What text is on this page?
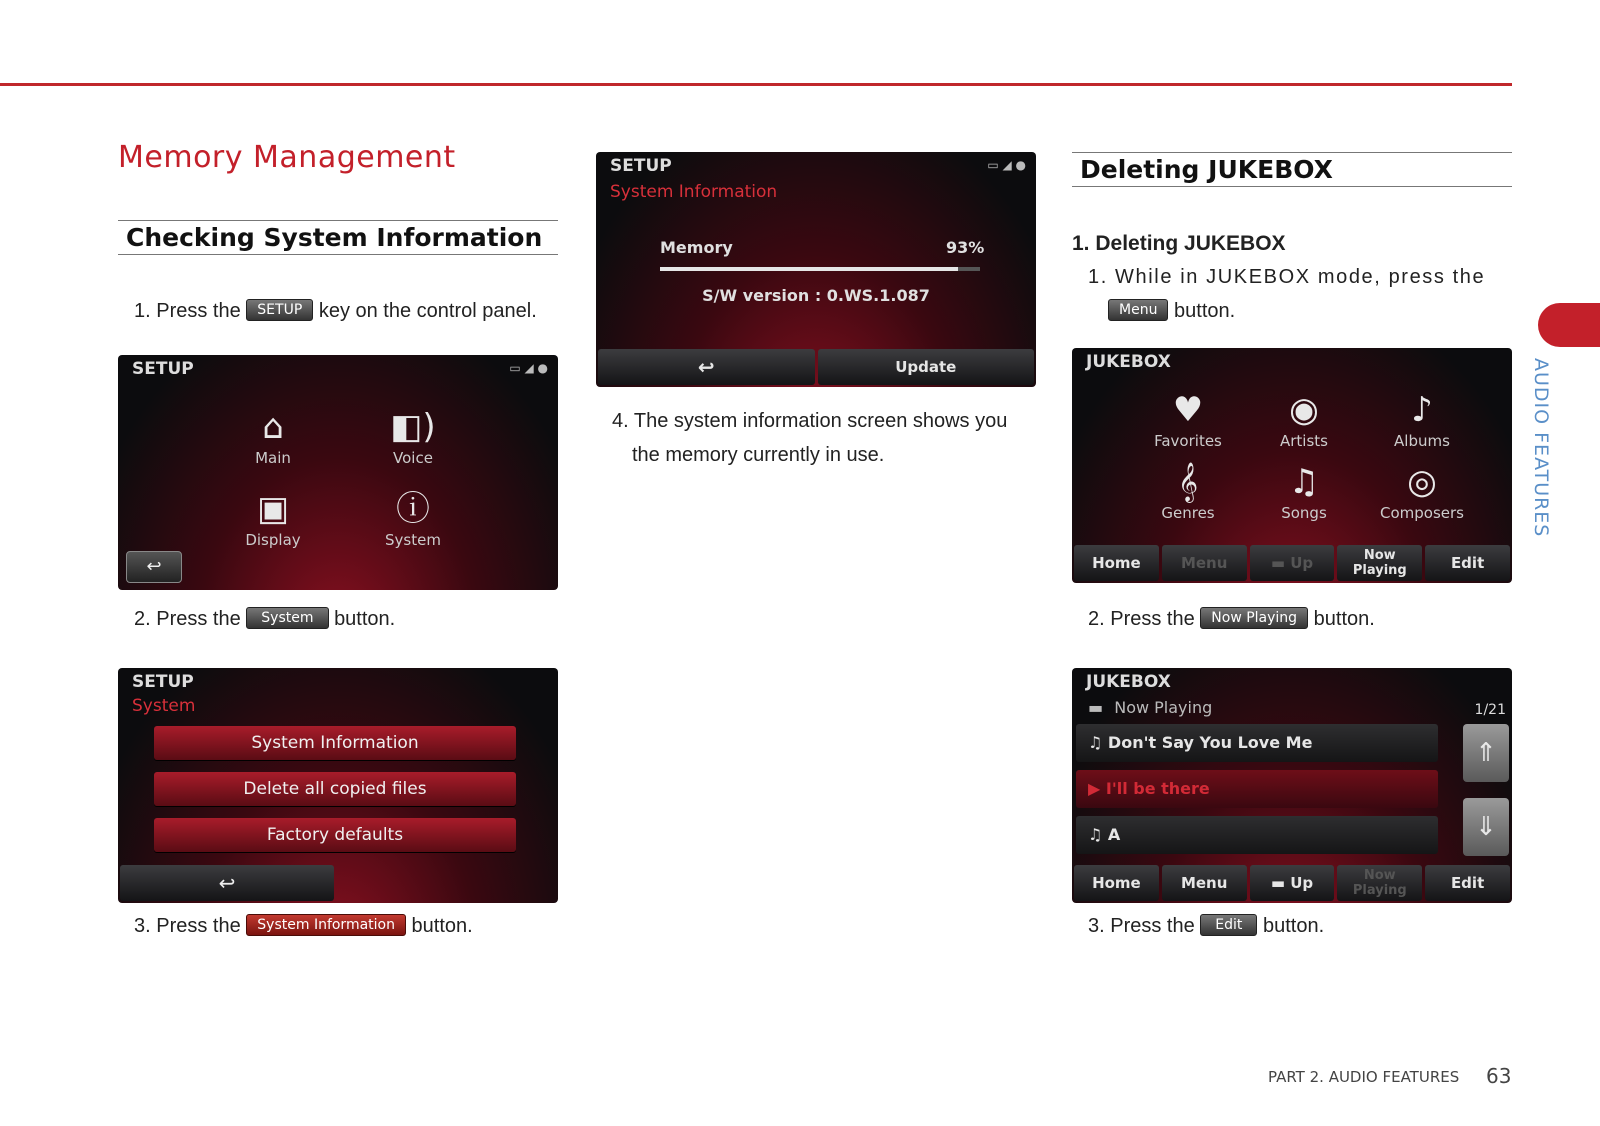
Memory Management
Checking System Information
1. Press the SETUP key on the control panel.
SETUP	▭ ◢ ●
⌂
Main
◧)
Voice
▣
Display
ⓘ
System
↩
2. Press the System button.
SETUP
System
System Information
Delete all copied files
Factory defaults
↩
3. Press the System Information button.
SETUP
System Information
▭ ◢ ●
Memory	93%
S/W version : 0.WS.1.087
↩	Update
4. The system information screen shows you
the memory currently in use.
Deleting JUKEBOX
1. Deleting JUKEBOX
1. While in JUKEBOX mode, press the
Menu button.
JUKEBOX
♥
Favorites
◉
Artists
♪
Albums
𝄞
Genres
♫
Songs
◎
Composers
Home	Menu	▬ Up	Now Playing	Edit
2. Press the Now Playing button.
JUKEBOX
▬ Now Playing	1/21
♫ Don't Say You Love Me
▶ I'll be there
♫ A
⇑
⇓
Home	Menu	▬ Up	Now Playing	Edit
3. Press the Edit button.
AUDIO FEATURES
PART 2. AUDIO FEATURES 63
